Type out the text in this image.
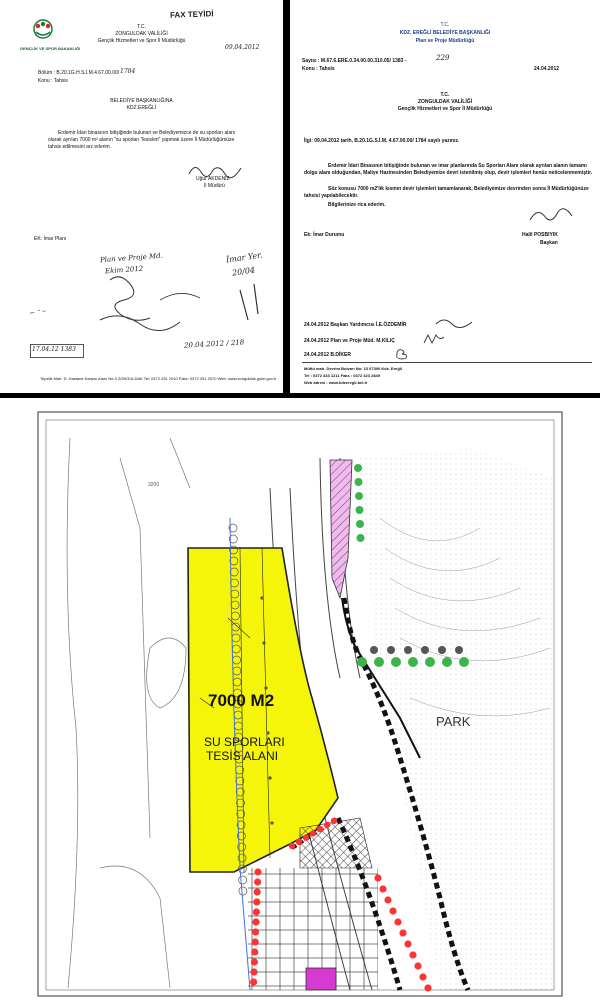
GENÇLİK VE SPOR BAKANLIĞI
FAX TEYİDİ
T.C.
ZONGULDAK VALİLİĞİ
Gençlik Hizmetleri ve Spor İl Müdürlüğü
09.04.2012
Bölüm : B.20.1G.H.S.İ.M.4.67.00.00/ 1784
Konu : Tahsis
BELEDİYE BAŞKANLIĞINA
KDZ.EREĞLİ
Erdemir İdari binasının bitişiğinde bulunan ve Belediyemizce de su sporları alanı olarak ayrılan 7000 m² alanın "su sporları Tesisleri" yapmak üzere İl Müdürlüğümüze tahsis edilmesini arz ederim.
Uğur AKDENİZ
İl Müdürü
EK: İmar Planı
Plan ve Proje Md.
Ekim 2012
İmar Yer.
20/04
⌐ ˘ ͝
20.04.2012 / 218
17.04.12 1383
Tepelik Mah. D. Hastane Karşısı Alanı No:3 ZONGULDAK Tel: 0372 251 2010 Faks: 0372 251 2070 Web: www.zonguldak.gsim.gov.tr
T.C.
KDZ. EREĞLİ BELEDİYE BAŞKANLIĞI
Plan ve Proje Müdürlüğü
Sayısı : M.67.6.ERE.0.34.00.00.310.05/ 1383 -	229
Konu : Tahsis	24.04.2012
T.C.
ZONGULDAK VALİLİĞİ
Gençlik Hizmetleri ve Spor İl Müdürlüğü
İlgi: 09.04.2012 tarih, B.20.1G.S.İ.M. 4.67.00.00/ 1784 sayılı yazınız.
Erdemir İdari Binasının bitişiğinde bulunan ve imar planlarında Su Sporları Alanı olarak ayrılan alanın tamamı dolgu alanı olduğundan, Maliye Hazinesinden Belediyemize devri istenilmiş olup, devir işlemleri henüz neticelenmemiştir.
Söz konusu 7000 m2'lik kısmın devir işlemleri tamamlanarak, Belediyemize devrinden sonra İl Müdürlüğünüze tahsisi yapılabilecektir.
Bilgilerinize rica ederim.
Halil POSBIYIK
Başkan
Ek: İmar Durumu
24.04.2012 Başkan Yardımcısı İ.E.ÖZDEMİR
24.04.2012 Plan ve Proje Müd. M.KILIÇ
24.04.2012 B.DİKER
Müftü mah. Devrim Bulvarı No: 13 67300 Kdz. Ereğli
Tel : 0372 333 1211 Faks : 0372 323 2849
Web adresi : www.kdzeregli.bel.tr
3200
7000 M2
SU SPORLARI
TESİS ALANI
PARK
